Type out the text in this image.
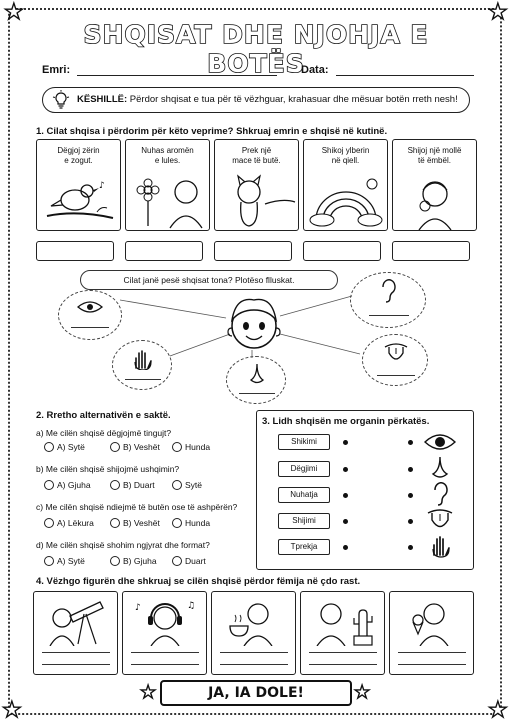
★	★
★	★
★	★
SHQISAT DHE NJOHJA E BOTËS
Emri:	Data:
KËSHILLË: Përdor shqisat e tua për të vëzhguar, krahasuar dhe mësuar botën rreth nesh!
1. Cilat shqisa i përdorim për këto veprime? Shkruaj emrin e shqisë në kutinë.
Dëgjoj zërin
e zogut.
♪
Nuhas aromën
e lules.
Prek një
mace të butë.
Shikoj ylberin
në qiell.
Shijoj një mollë
të ëmbël.
Cilat janë pesë shqisat tona? Plotëso flluskat.
2. Rretho alternativën e saktë.
a) Me cilën shqisë dëgjojmë tingujt?
A) Sytë	B) Veshët	Hunda
b) Me cilën shqisë shijojmë ushqimin?
A) Gjuha	B) Duart	Sytë
c) Me cilën shqisë ndiejmë të butën ose të ashpërën?
A) Lëkura	B) Veshët	Hunda
d) Me cilën shqisë shohim ngjyrat dhe format?
A) Sytë	B) Gjuha	Duart
3. Lidh shqisën me organin përkatës.
Shikimi
Dëgjimi
Nuhatja
Shijimi
Tprekja
4. Vëzhgo figurën dhe shkruaj se cilën shqisë përdor fëmija në çdo rast.
♪	♫
JA, IA DOLE!
